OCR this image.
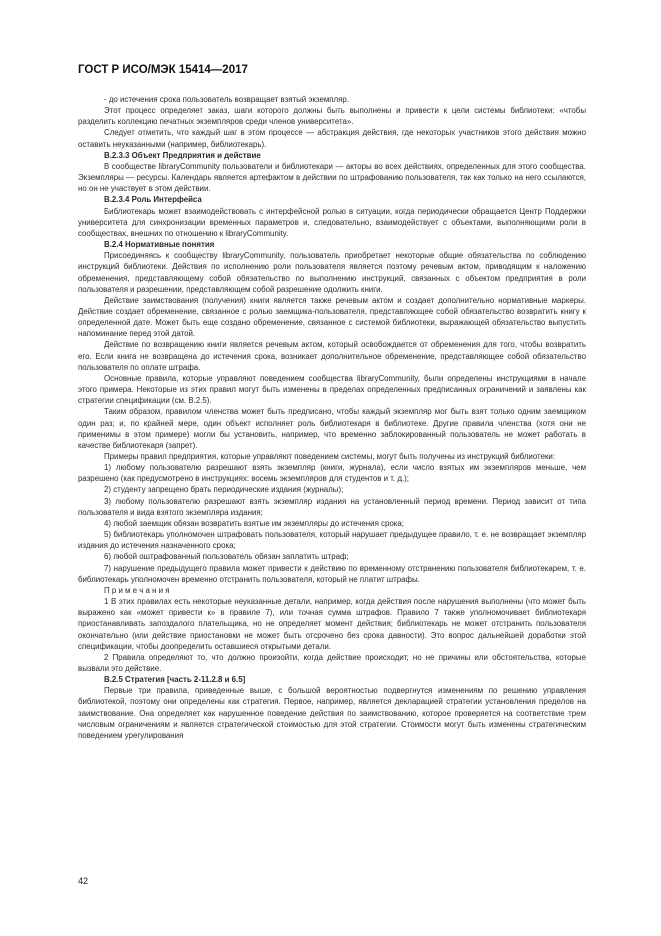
ГОСТ Р ИСО/МЭК 15414—2017

- до истечения срока пользователь возвращает взятый экземпляр.

Этот процесс определяет заказ, шаги которого должны быть выполнены и привести к цели системы библиотеки: «чтобы разделить коллекцию печатных экземпляров среди членов университета».

Следует отметить, что каждый шаг в этом процессе — абстракция действия, где некоторых участников этого действия можно оставить неуказанными (например, библиотекарь).

В.2.3.3 Объект Предприятия и действие

В сообществе libraryCommunity пользователи и библиотекари — акторы во всех действиях, определенных для этого сообщества. Экземпляры — ресурсы. Календарь является артефактом в действии по штрафованию пользователя, так как только на него ссылаются, но он не участвует в этом действии.

В.2.3.4 Роль Интерфейса

Библиотекарь может взаимодействовать с интерфейсной ролью в ситуации, когда периодически обращается Центр Поддержки университета для синхронизации временных параметров и, следовательно, взаимодействует с объектами, выполняющими роли в сообществах, внешних по отношению к libraryCommunity.

В.2.4 Нормативные понятия

Присоединяясь к сообществу libraryCommunity, пользователь приобретает некоторые общие обязательства по соблюдению инструкций библиотеки. Действия по исполнению роли пользователя является поэтому речевым актом, приводящим к наложению обременения, представляющему собой обязательство по выполнению инструкций, связанных с объектом предприятия в роли пользователя и разрешении, представляющем собой разрешение одолжить книги.

Действие заимствования (получения) книги является также речевым актом и создает дополнительно нормативные маркеры. Действие создает обременение, связанное с ролью заемщика-пользователя, представляющее собой обязательство возвратить книгу к определенной дате. Может быть еще создано обременение, связанное с системой библиотеки, выражающей обязательство выпустить напоминание перед этой датой.

Действие по возвращению книги является речевым актом, который освобождается от обременения для того, чтобы возвратить его. Если книга не возвращена до истечения срока, возникает дополнительное обременение, представляющее собой обязательство пользователя по оплате штрафа.

Основные правила, которые управляют поведением сообщества libraryCommunity, были определены инструкциями в начале этого примера. Некоторые из этих правил могут быть изменены в пределах определенных предписанных ограничений и заявлены как стратегии спецификации (см. В.2.5).

Таким образом, правилом членства может быть предписано, чтобы каждый экземпляр мог быть взят только одним заемщиком один раз; и, по крайней мере, один объект исполняет роль библиотекаря в библиотеке. Другие правила членства (хотя они не применимы в этом примере) могли бы установить, например, что временно заблокированный пользователь не может работать в качестве библиотекаря (запрет).

Примеры правил предприятия, которые управляют поведением системы, могут быть получены из инструкций библиотеки:

1) любому пользователю разрешают взять экземпляр (книги, журнала), если число взятых им экземпляров меньше, чем разрешено (как предусмотрено в инструкциях: восемь экземпляров для студентов и т. д.);

2) студенту запрещено брать периодические издания (журналы);

3) любому пользователю разрешают взять экземпляр издания на установленный период времени. Период зависит от типа пользователя и вида взятого экземпляра издания;

4) любой заемщик обязан возвратить взятые им экземпляры до истечения срока;

5) библиотекарь уполномочен штрафовать пользователя, который нарушает предыдущее правило, т. е. не возвращает экземпляр издания до истечения назначенного срока;

6) любой оштрафованный пользователь обязан заплатить штраф;

7) нарушение предыдущего правила может привести к действию по временному отстранению пользователя библиотекарем, т. е. библиотекарь уполномочен временно отстранить пользователя, который не платит штрафы.

П р и м е ч а н и я

1 В этих правилах есть некоторые неуказанные детали, например, когда действия после нарушения выполнены (что может быть выражено как «может привести к» в правиле 7), или точная сумма штрафов. Правило 7 также уполномочивает библиотекаря приостанавливать запоздалого плательщика, но не определяет момент действия; библиотекарь не может отстранить пользователя окончательно (или действие приостановки не может быть отсрочено без срока давности). Это вопрос дальнейшей доработки этой спецификации, чтобы доопределить оставшиеся открытыми детали.

2 Правила определяют то, что должно произойти, когда действие происходит, но не причины или обстоятельства, которые вызвали это действие.

В.2.5 Стратегия [часть 2-11.2.8 и 6.5]

Первые три правила, приведенные выше, с большой вероятностью подвергнутся изменениям по решению управления библиотекой, поэтому они определены как стратегия. Первое, например, является декларацией стратегии установления пределов на заимствование. Она определяет как нарушенное поведение действия по заимствованию, которое проверяется на соответствие трем числовым ограничениям и является стратегической стоимостью для этой стратегии. Стоимости могут быть изменены стратегическим поведением урегулирования

42
